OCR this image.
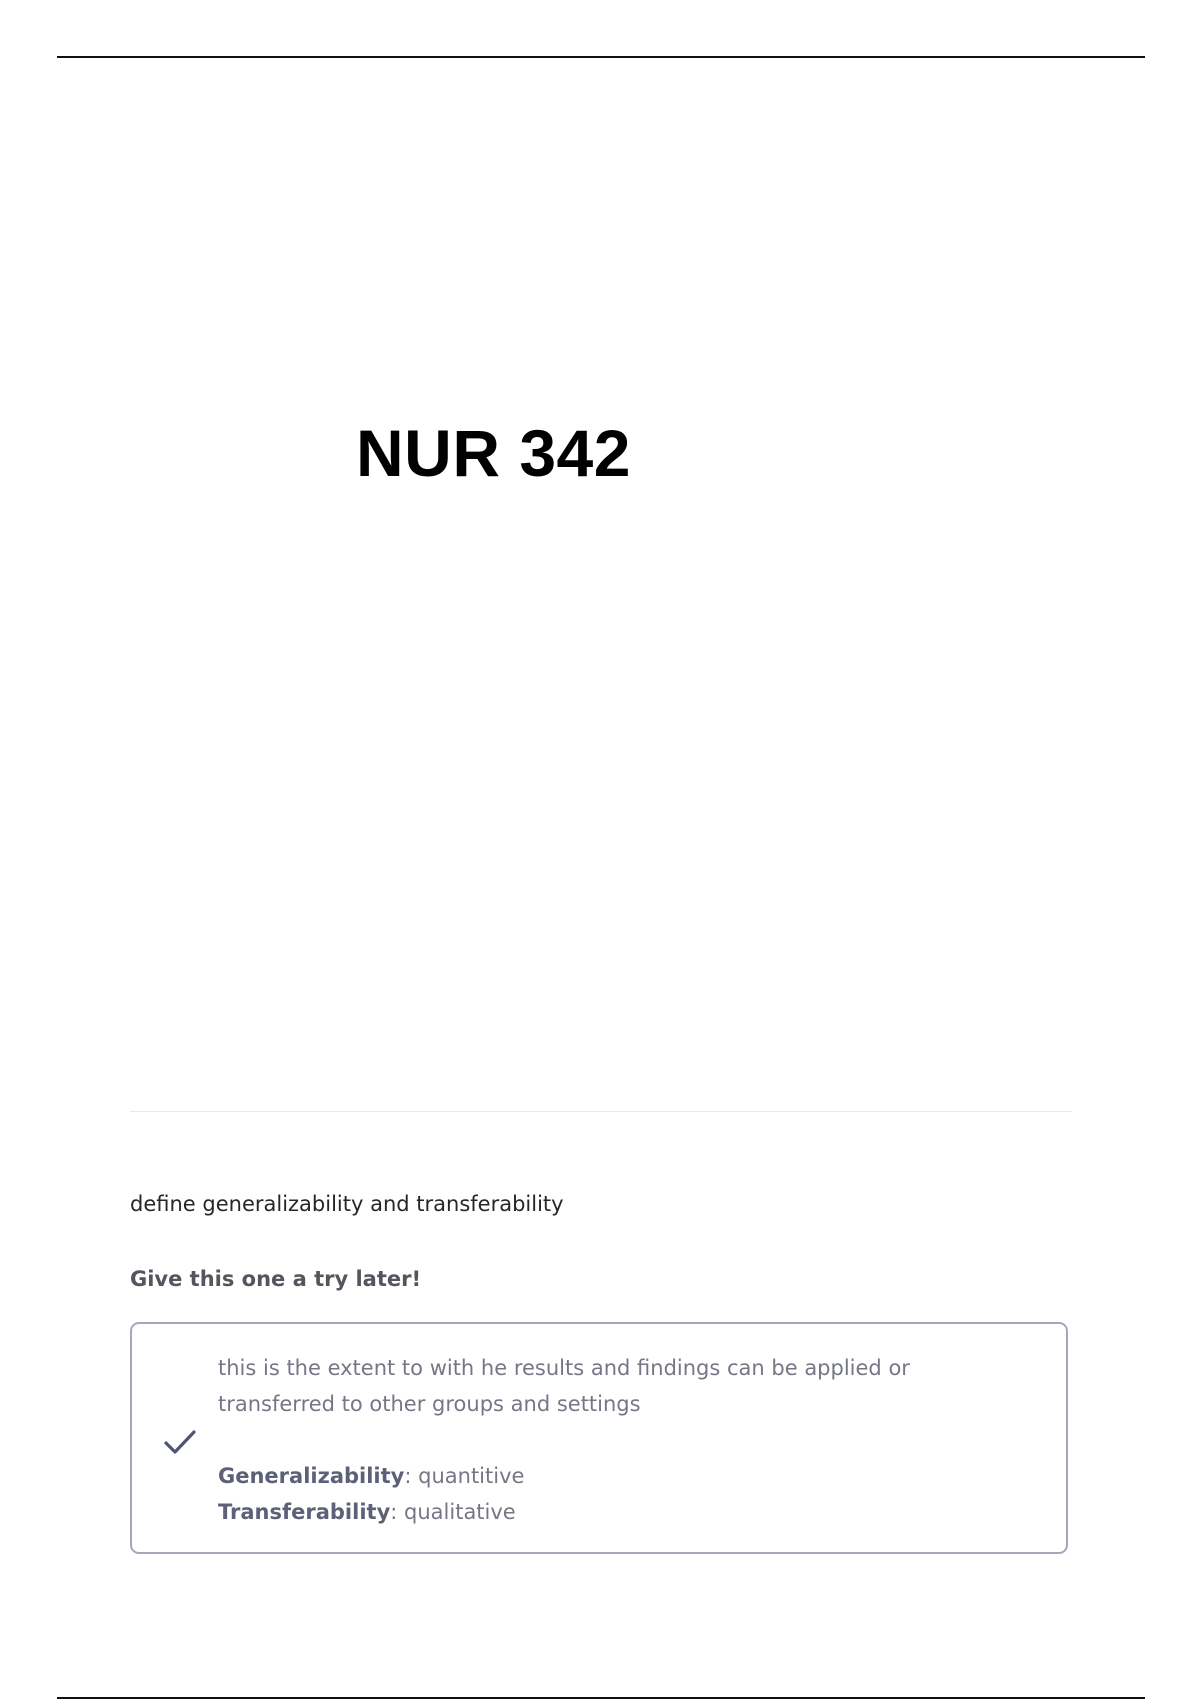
NUR 342

define generalizability and transferability

Give this one a try later!

this is the extent to with he results and findings can be applied or transferred to other groups and settings

Generalizability: quantitive

Transferability: qualitative
